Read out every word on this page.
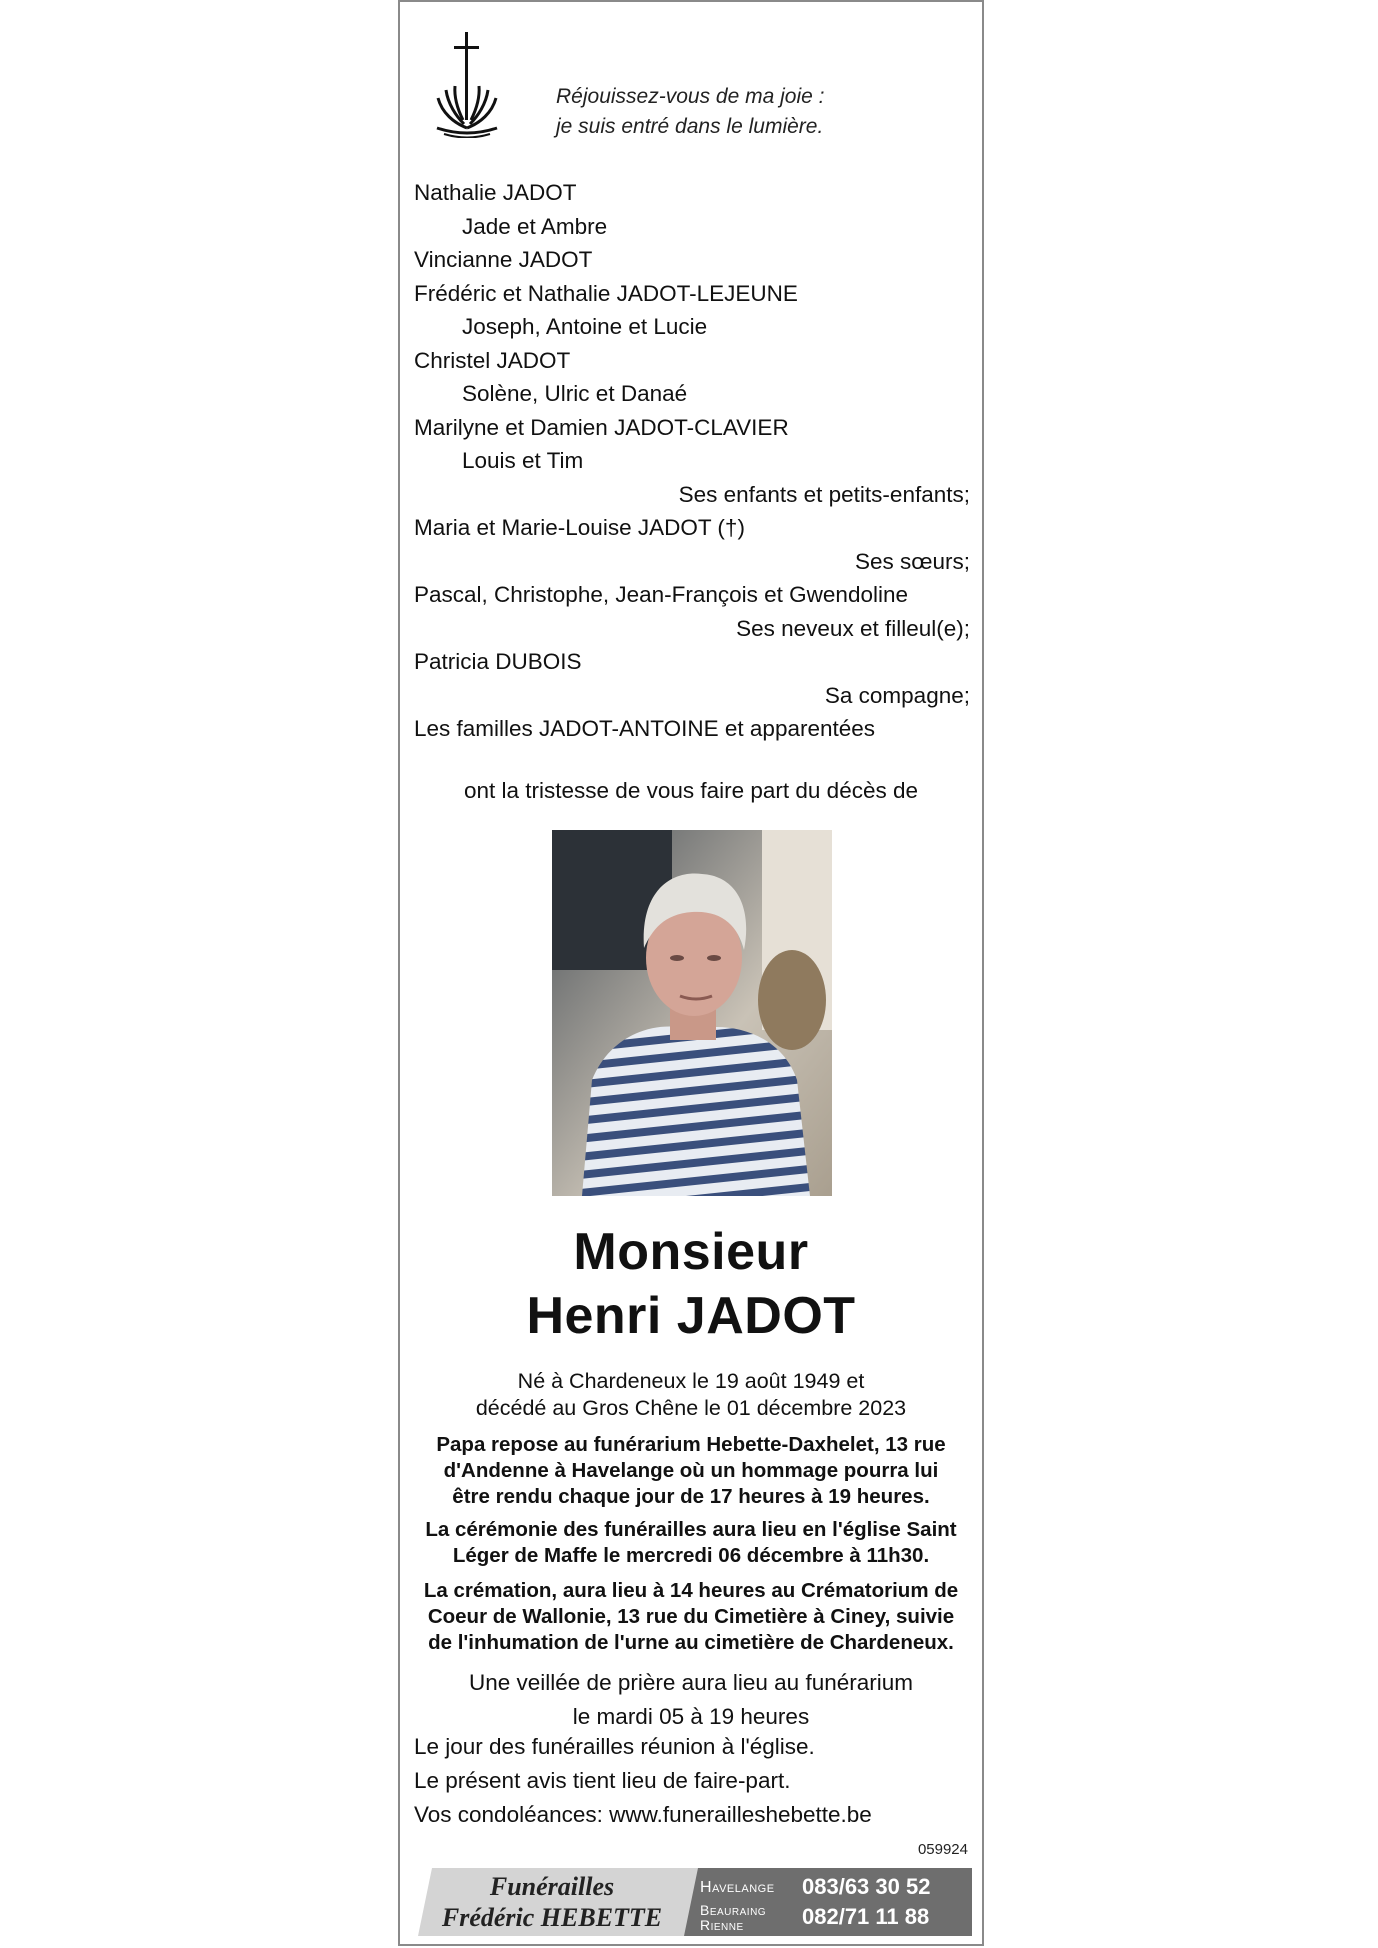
Réjouissez-vous de ma joie :
je suis entré dans le lumière.
Nathalie JADOT
Jade et Ambre
Vincianne JADOT
Frédéric et Nathalie JADOT-LEJEUNE
Joseph, Antoine et Lucie
Christel JADOT
Solène, Ulric et Danaé
Marilyne et Damien JADOT-CLAVIER
Louis et Tim
Ses enfants et petits-enfants;
Maria et Marie-Louise JADOT (†)
Ses sœurs;
Pascal, Christophe, Jean-François et Gwendoline
Ses neveux et filleul(e);
Patricia DUBOIS
Sa compagne;
Les familles JADOT-ANTOINE et apparentées
ont la tristesse de vous faire part du décès de
Monsieur
Henri JADOT
Né à Chardeneux le 19 août 1949 et
décédé au Gros Chêne le 01 décembre 2023
Papa repose au funérarium Hebette-Daxhelet, 13 rue
d'Andenne à Havelange où un hommage pourra lui
être rendu chaque jour de 17 heures à 19 heures.
La cérémonie des funérailles aura lieu en l'église Saint
Léger de Maffe le mercredi 06 décembre à 11h30.
La crémation, aura lieu à 14 heures au Crématorium de
Coeur de Wallonie, 13 rue du Cimetière à Ciney, suivie
de l'inhumation de l'urne au cimetière de Chardeneux.
Une veillée de prière aura lieu au funérarium
le mardi 05 à 19 heures
Le jour des funérailles réunion à l'église.
Le présent avis tient lieu de faire-part.
Vos condoléances: www.funerailleshebette.be
059924
Funérailles
Frédéric HEBETTE
Havelange 083/63 30 52
Beauraing
Rienne	082/71 11 88
